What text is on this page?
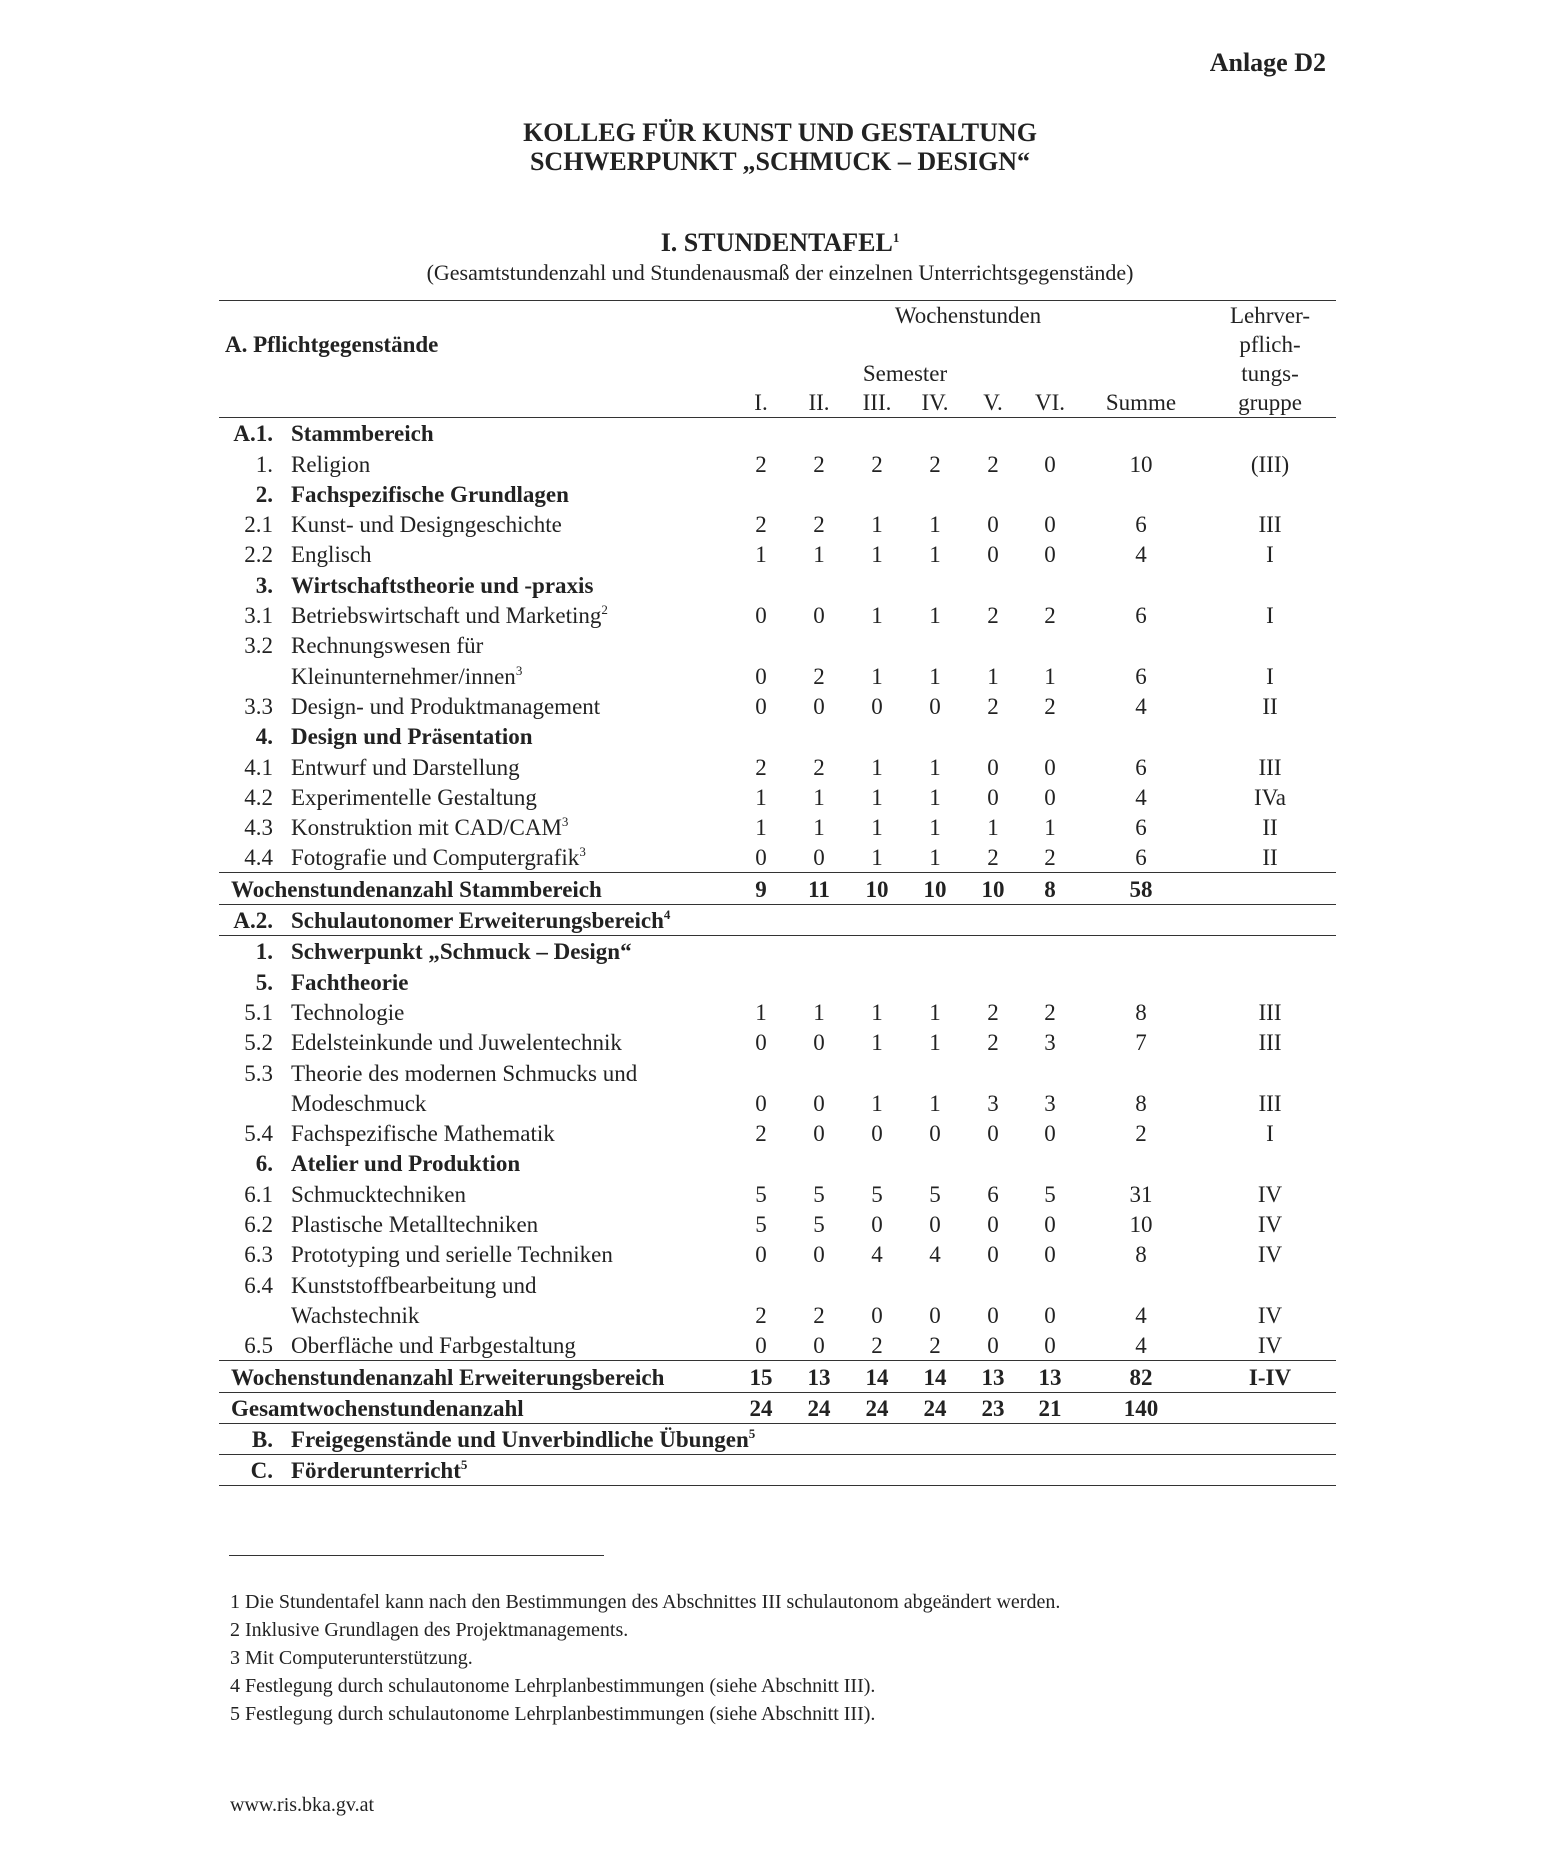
Anlage D2
KOLLEG FÜR KUNST UND GESTALTUNG
SCHWERPUNKT „SCHMUCK – DESIGN“
I. STUNDENTAFEL$^1$
(Gesamtstundenzahl und Stundenausmaß der einzelnen Unterrichtsgegenstände)
		Wochenstunden							Lehrver-
A. Pflichtgegenstände									pflich-
		Semester							tungs-
		I.	II.	III.	IV.	V.	VI.	Summe	gruppe
A.1.	Stammbereich								
1.	Religion	2	2	2	2	2	0	10	(III)
2.	Fachspezifische Grundlagen								
2.1	Kunst- und Designgeschichte	2	2	1	1	0	0	6	III
2.2	Englisch	1	1	1	1	0	0	4	I
3.	Wirtschaftstheorie und -praxis								
3.1	Betriebswirtschaft und Marketing$^2$	0	0	1	1	2	2	6	I
3.2	Rechnungswesen für								
	Kleinunternehmer/innen$^3$	0	2	1	1	1	1	6	I
3.3	Design- und Produktmanagement	0	0	0	0	2	2	4	II
4.	Design und Präsentation								
4.1	Entwurf und Darstellung	2	2	1	1	0	0	6	III
4.2	Experimentelle Gestaltung	1	1	1	1	0	0	4	IVa
4.3	Konstruktion mit CAD/CAM$^3$	1	1	1	1	1	1	6	II
4.4	Fotografie und Computergrafik$^3$	0	0	1	1	2	2	6	II
Wochenstundenanzahl Stammbereich		9	11	10	10	10	8	58	
A.2.	Schulautonomer Erweiterungsbereich$^4$
1.	Schwerpunkt „Schmuck – Design“								
5.	Fachtheorie								
5.1	Technologie	1	1	1	1	2	2	8	III
5.2	Edelsteinkunde und Juwelentechnik	0	0	1	1	2	3	7	III
5.3	Theorie des modernen Schmucks und								
	Modeschmuck	0	0	1	1	3	3	8	III
5.4	Fachspezifische Mathematik	2	0	0	0	0	0	2	I
6.	Atelier und Produktion								
6.1	Schmucktechniken	5	5	5	5	6	5	31	IV
6.2	Plastische Metalltechniken	5	5	0	0	0	0	10	IV
6.3	Prototyping und serielle Techniken	0	0	4	4	0	0	8	IV
6.4	Kunststoffbearbeitung und								
	Wachstechnik	2	2	0	0	0	0	4	IV
6.5	Oberfläche und Farbgestaltung	0	0	2	2	0	0	4	IV
Wochenstundenanzahl Erweiterungsbereich		15	13	14	14	13	13	82	I-IV
Gesamtwochenstundenanzahl		24	24	24	24	23	21	140	
B.	Freigegenstände und Unverbindliche Übungen$^5$
C.	Förderunterricht$^5$
1 Die Stundentafel kann nach den Bestimmungen des Abschnittes III schulautonom abgeändert werden.
2 Inklusive Grundlagen des Projektmanagements.
3 Mit Computerunterstützung.
4 Festlegung durch schulautonome Lehrplanbestimmungen (siehe Abschnitt III).
5 Festlegung durch schulautonome Lehrplanbestimmungen (siehe Abschnitt III).
www.ris.bka.gv.at
